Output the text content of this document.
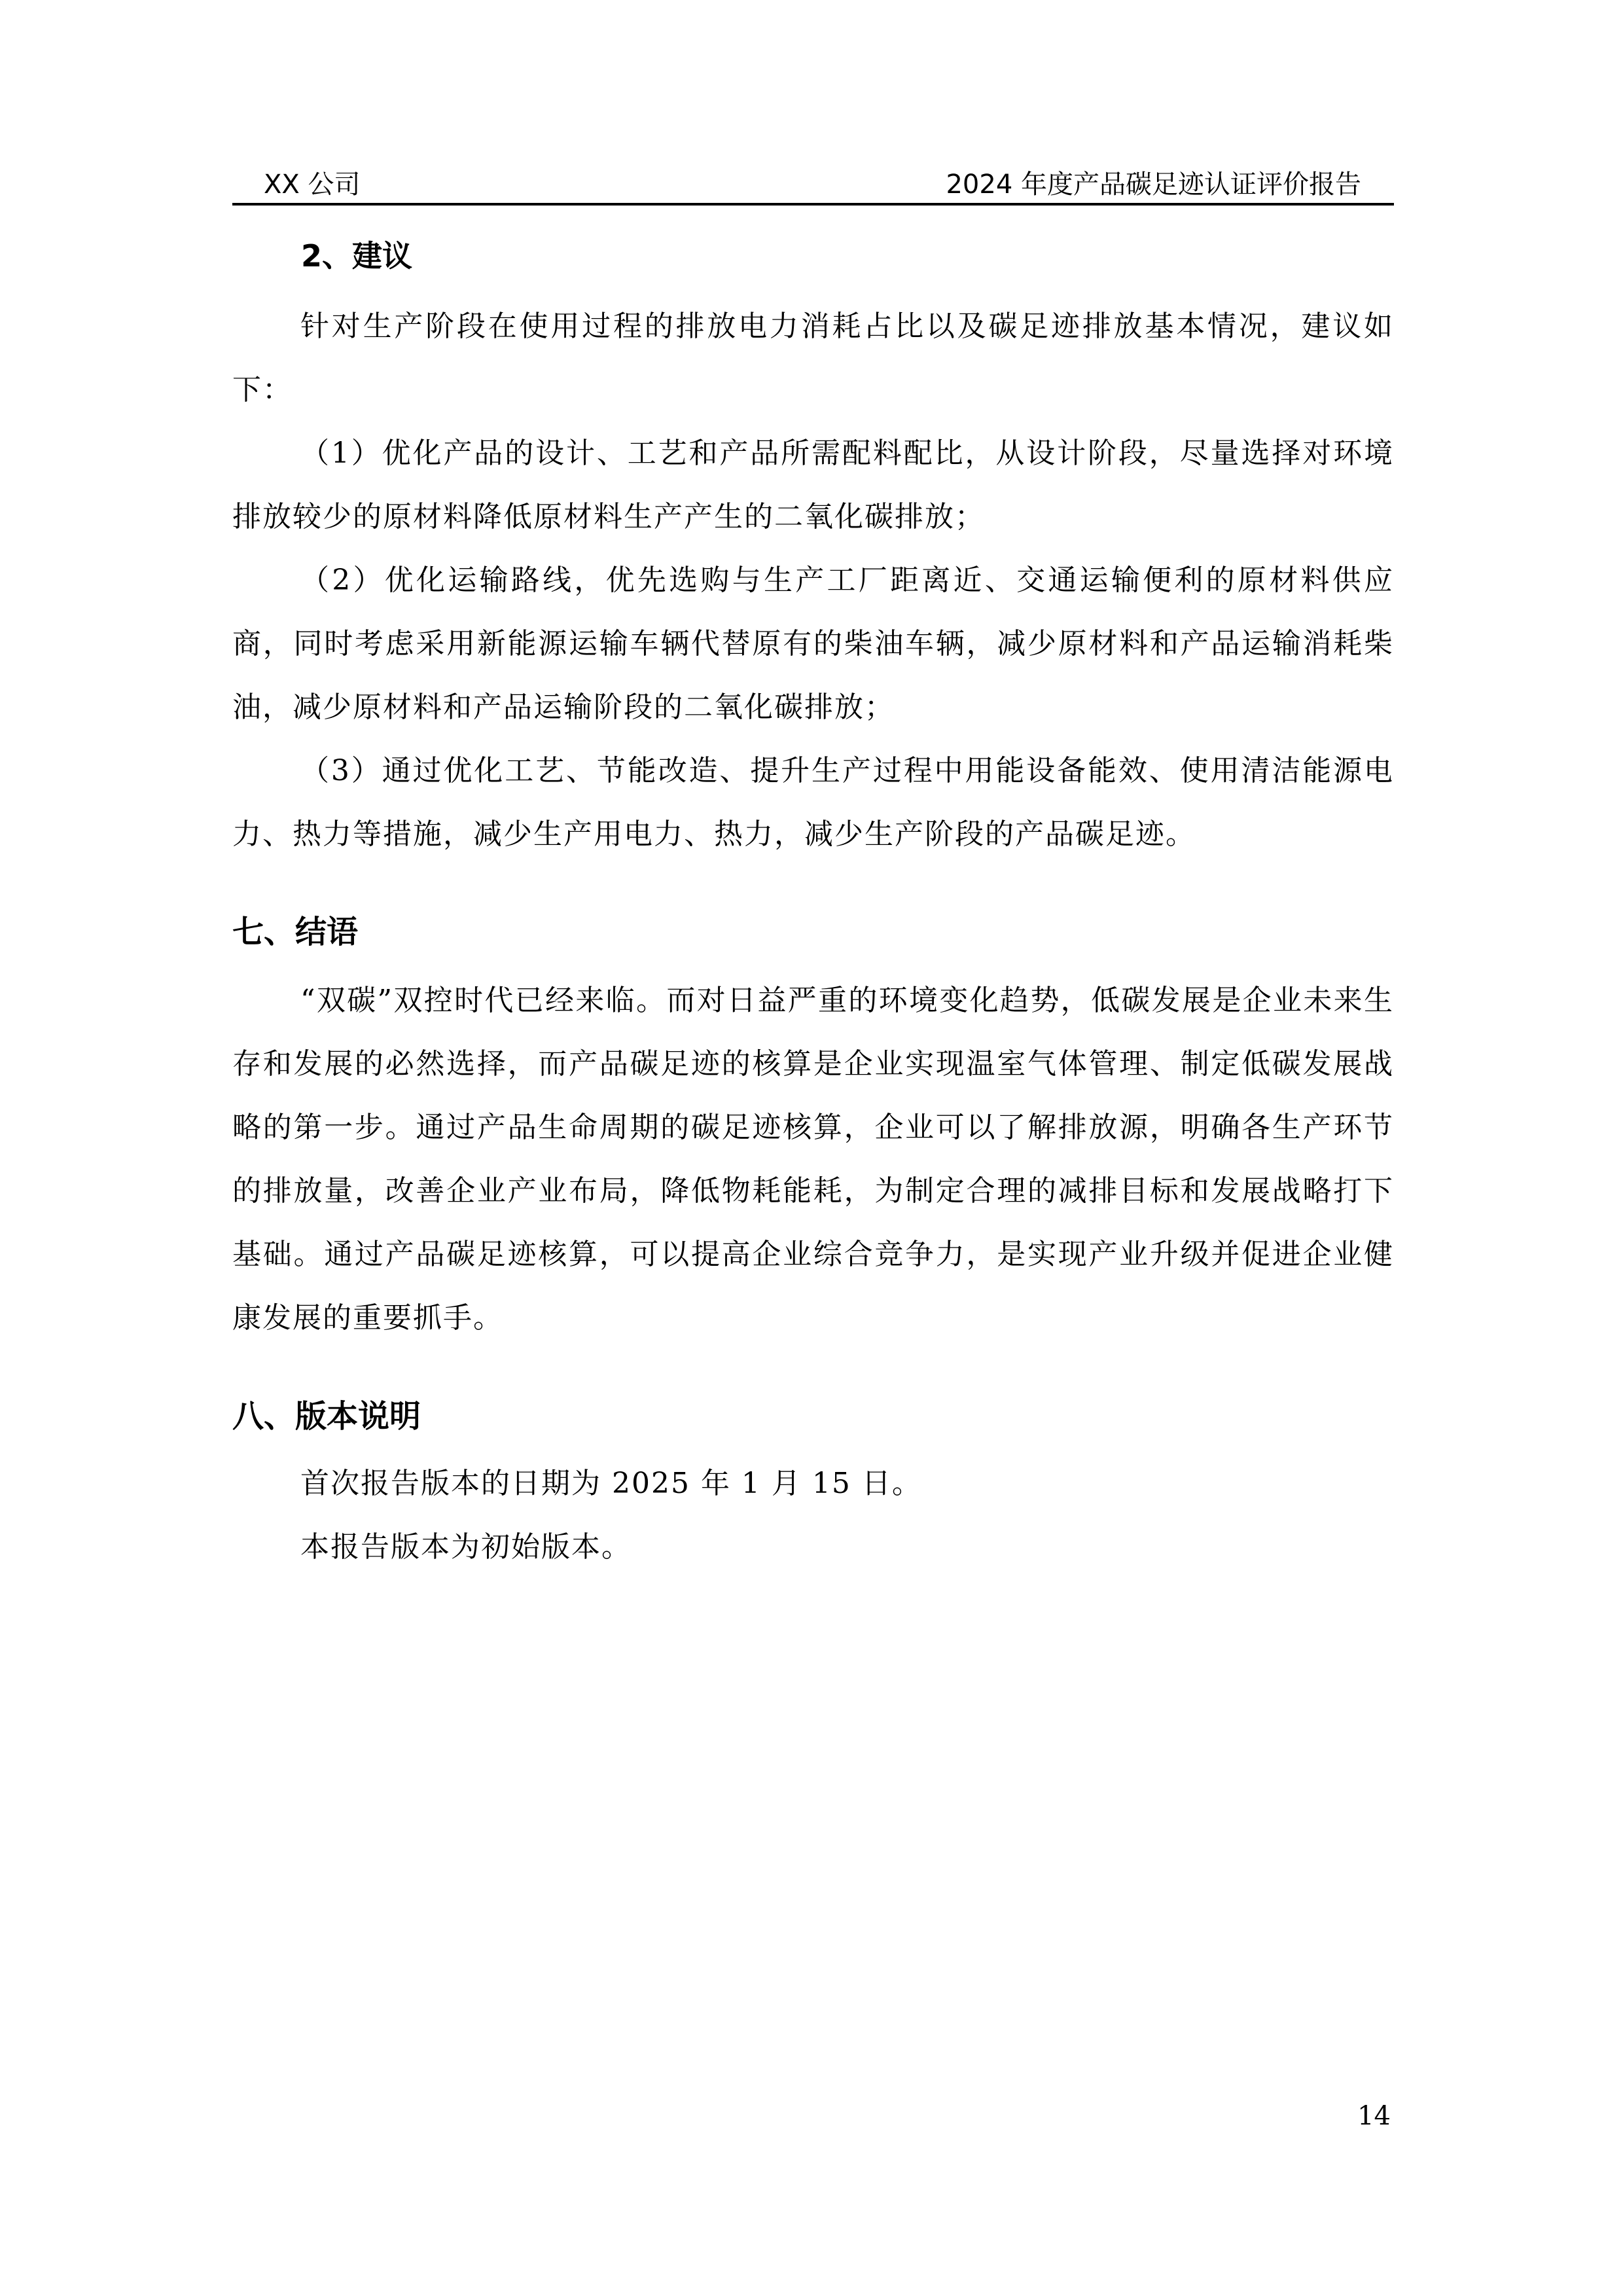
XX 公司	2024 年度产品碳足迹认证评价报告
2、建议

针对生产阶段在使用过程的排放电力消耗占比以及碳足迹排放基本情况，建议如下：

（1）优化产品的设计、工艺和产品所需配料配比，从设计阶段，尽量选择对环境排放较少的原材料降低原材料生产产生的二氧化碳排放；

（2）优化运输路线，优先选购与生产工厂距离近、交通运输便利的原材料供应商，同时考虑采用新能源运输车辆代替原有的柴油车辆，减少原材料和产品运输消耗柴油，减少原材料和产品运输阶段的二氧化碳排放；

（3）通过优化工艺、节能改造、提升生产过程中用能设备能效、使用清洁能源电力、热力等措施，减少生产用电力、热力，减少生产阶段的产品碳足迹。

七、结语

“双碳”双控时代已经来临。而对日益严重的环境变化趋势，低碳发展是企业未来生存和发展的必然选择，而产品碳足迹的核算是企业实现温室气体管理、制定低碳发展战略的第一步。通过产品生命周期的碳足迹核算，企业可以了解排放源，明确各生产环节的排放量，改善企业产业布局，降低物耗能耗，为制定合理的减排目标和发展战略打下基础。通过产品碳足迹核算，可以提高企业综合竞争力，是实现产业升级并促进企业健康发展的重要抓手。

八、版本说明
首次报告版本的日期为 2025 年 1 月 15 日。
本报告版本为初始版本。
14
